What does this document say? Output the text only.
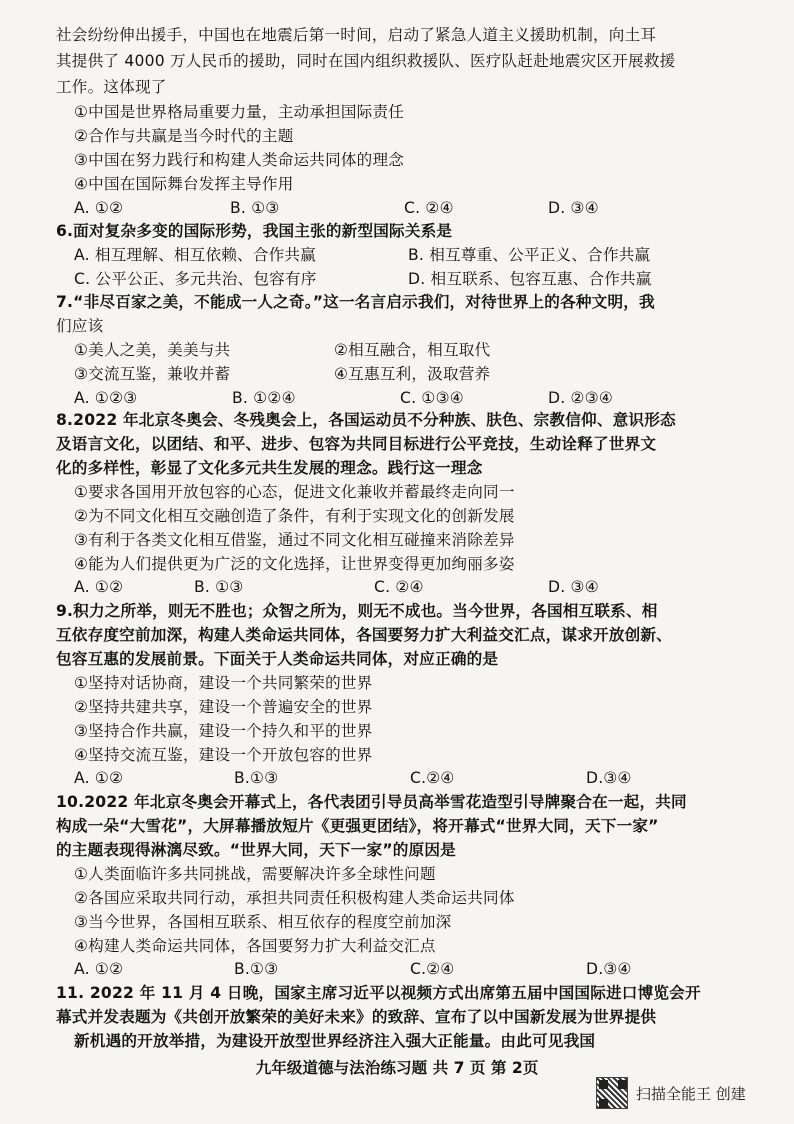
社会纷纷伸出援手，中国也在地震后第一时间，启动了紧急人道主义援助机制，向土耳
其提供了 4000 万人民币的援助，同时在国内组织救援队、医疗队赶赴地震灾区开展救援
工作。这体现了
①中国是世界格局重要力量，主动承担国际责任
②合作与共赢是当今时代的主题
③中国在努力践行和构建人类命运共同体的理念
④中国在国际舞台发挥主导作用
A. ①②	B. ①③	C. ②④	D. ③④
6.面对复杂多变的国际形势，我国主张的新型国际关系是
A. 相互理解、相互依赖、合作共赢	B. 相互尊重、公平正义、合作共赢
C. 公平公正、多元共治、包容有序	D. 相互联系、包容互惠、合作共赢
7.“非尽百家之美，不能成一人之奇。”这一名言启示我们，对待世界上的各种文明，我
们应该
①美人之美，美美与共	②相互融合，相互取代
③交流互鉴，兼收并蓄	④互惠互利，汲取营养
A. ①②③	B. ①②④	C. ①③④	D. ②③④
8.2022 年北京冬奥会、冬残奥会上，各国运动员不分种族、肤色、宗教信仰、意识形态
及语言文化，以团结、和平、进步、包容为共同目标进行公平竞技，生动诠释了世界文
化的多样性，彰显了文化多元共生发展的理念。践行这一理念
①要求各国用开放包容的心态，促进文化兼收并蓄最终走向同一
②为不同文化相互交融创造了条件，有利于实现文化的创新发展
③有利于各类文化相互借鉴，通过不同文化相互碰撞来消除差异
④能为人们提供更为广泛的文化选择，让世界变得更加绚丽多姿
A. ①②	B. ①③	C. ②④	D. ③④
9.积力之所举，则无不胜也；众智之所为，则无不成也。当今世界，各国相互联系、相
互依存度空前加深，构建人类命运共同体，各国要努力扩大利益交汇点，谋求开放创新、
包容互惠的发展前景。下面关于人类命运共同体，对应正确的是
①坚持对话协商，建设一个共同繁荣的世界
②坚持共建共享，建设一个普遍安全的世界
③坚持合作共赢，建设一个持久和平的世界
④坚持交流互鉴，建设一个开放包容的世界
A. ①②	B.①③	C.②④	D.③④
10.2022 年北京冬奥会开幕式上，各代表团引导员高举雪花造型引导牌聚合在一起，共同
构成一朵“大雪花”，大屏幕播放短片《更强更团结》，将开幕式“世界大同，天下一家”
的主题表现得淋漓尽致。“世界大同，天下一家”的原因是
①人类面临许多共同挑战，需要解决许多全球性问题
②各国应采取共同行动，承担共同责任积极构建人类命运共同体
③当今世界，各国相互联系、相互依存的程度空前加深
④构建人类命运共同体，各国要努力扩大利益交汇点
A. ①②	B.①③	C.②④	D.③④
11. 2022 年 11 月 4 日晚，国家主席习近平以视频方式出席第五届中国国际进口博览会开
幕式并发表题为《共创开放繁荣的美好未来》的致辞、宣布了以中国新发展为世界提供
新机遇的开放举措，为建设开放型世界经济注入强大正能量。由此可见我国
扫描全能王 创建
九年级道德与法治练习题 共 7 页 第 2页
